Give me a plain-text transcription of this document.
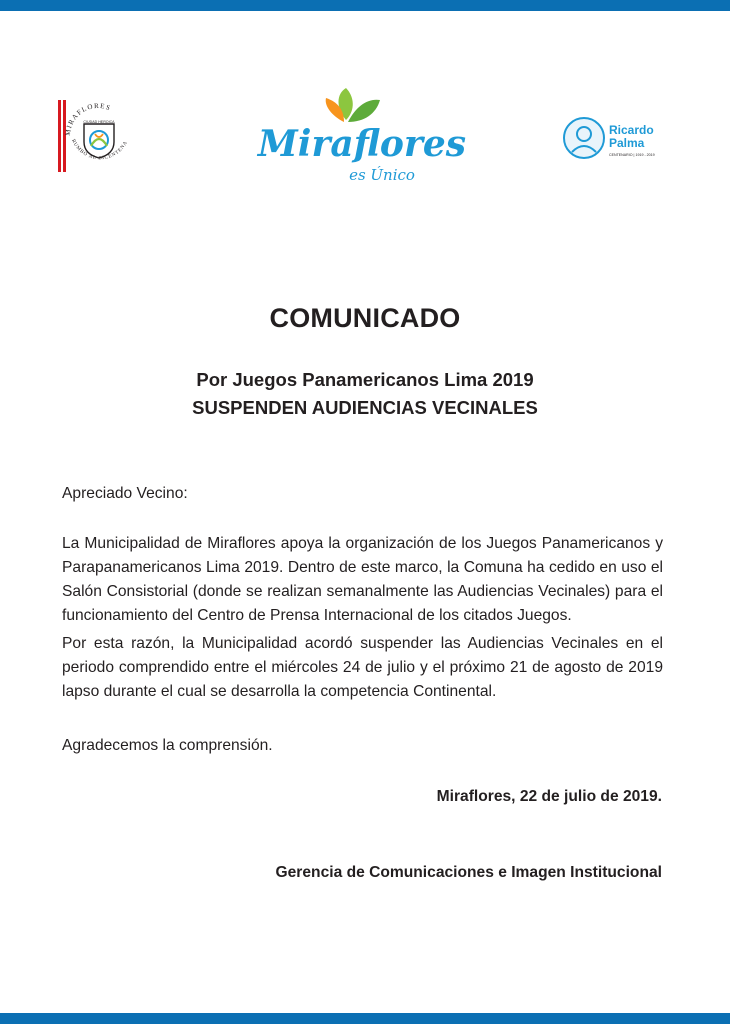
MIRAFLORES
RUMBO AL BICENTENA
CIUDAD HEROICA
Miraflores
es Único
Ricardo
Palma
CENTENARIO | 1919 - 2019
COMUNICADO
Por Juegos Panamericanos Lima 2019
SUSPENDEN AUDIENCIAS VECINALES

Apreciado Vecino:

La Municipalidad de Miraflores apoya la organización de los Juegos Panamericanos y Parapanamericanos Lima 2019. Dentro de este marco, la Comuna ha cedido en uso el Salón Consistorial (donde se realizan semanalmente las Audiencias Vecinales) para el funcionamiento del Centro de Prensa Internacional de los citados Juegos.

Por esta razón, la Municipalidad acordó suspender las Audiencias Vecinales en el periodo comprendido entre el miércoles 24 de julio y el próximo 21 de agosto de 2019 lapso durante el cual se desarrolla la competencia Continental.

Agradecemos la comprensión.

Miraflores, 22 de julio de 2019.
Gerencia de Comunicaciones e Imagen Institucional
